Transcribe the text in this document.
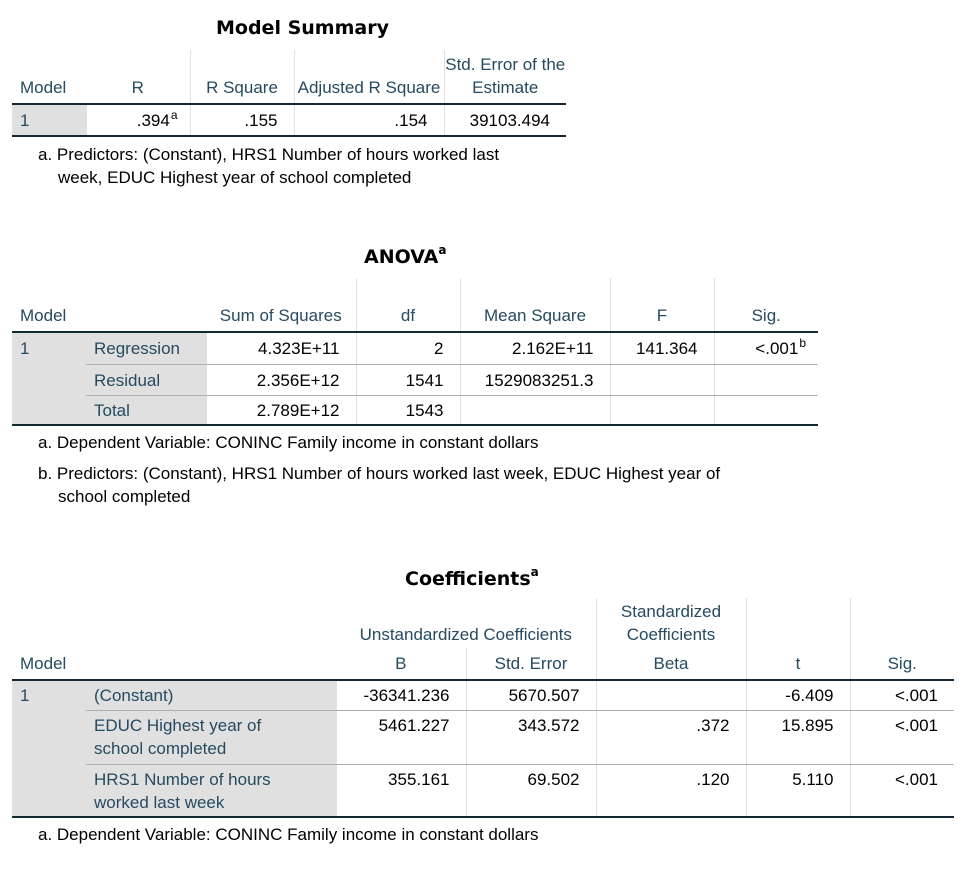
Model Summary
Model	R	R Square	Adjusted R Square	Std. Error of the Estimate
1	.394$^a$	.155	.154	39103.494
a. Predictors: (Constant), HRS1 Number of hours worked last
week, EDUC Highest year of school completed
ANOVA$^a$
Model		Sum of Squares	df	Mean Square	F	Sig.
1	Regression	4.323E+11	2	2.162E+11	141.364	<.001$^b$
	Residual	2.356E+12	1541	1529083251.3		
	Total	2.789E+12	1543			
a. Dependent Variable: CONINC Family income in constant dollars
b. Predictors: (Constant), HRS1 Number of hours worked last week, EDUC Highest year of
school completed
Coefficients$^a$
		Unstandardized Coefficients		Standardized Coefficients		
Model		B	Std. Error	Beta	t	Sig.
1	(Constant)	-36341.236	5670.507		-6.409	<.001
	EDUC Highest year of
school completed	5461.227	343.572	.372	15.895	<.001
	HRS1 Number of hours
worked last week	355.161	69.502	.120	5.110	<.001
a. Dependent Variable: CONINC Family income in constant dollars
